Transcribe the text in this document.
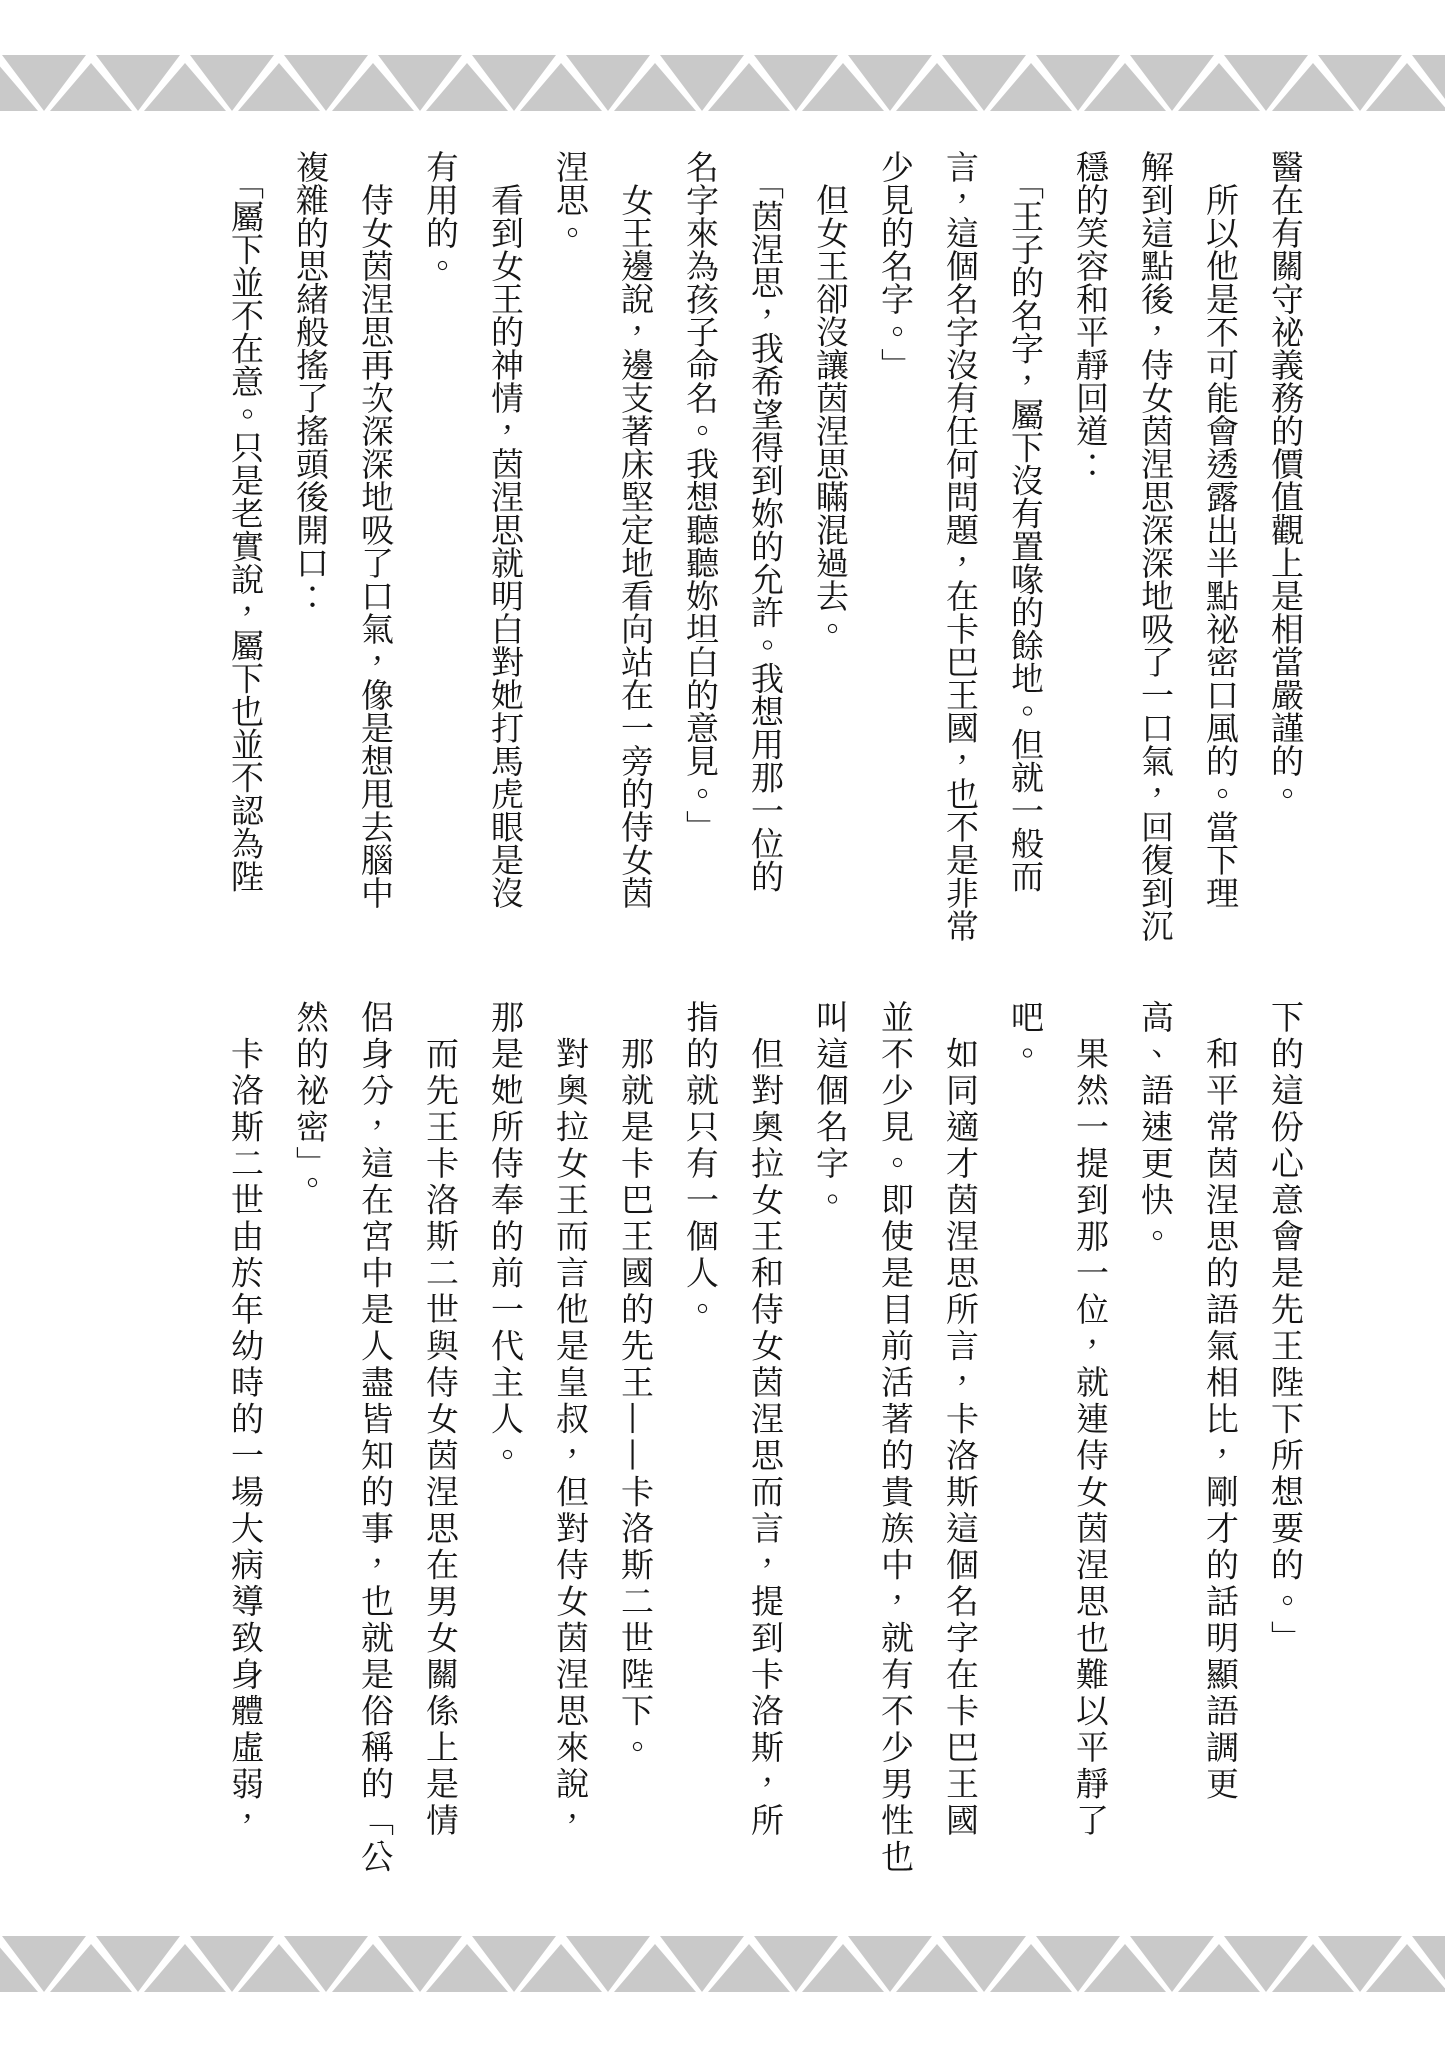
醫在有關守祕義務的價值觀上是相當嚴謹的。
　所以他是不可能會透露出半點祕密口風的。當下理
解到這點後，侍女茵涅思深深地吸了一口氣，回復到沉
穩的笑容和平靜回道：
　「王子的名字，屬下沒有置喙的餘地。但就一般而
言，這個名字沒有任何問題，在卡巴王國，也不是非常
少見的名字。」
　但女王卻沒讓茵涅思瞞混過去。
　「茵涅思，我希望得到妳的允許。我想用那一位的
名字來為孩子命名。我想聽聽妳坦白的意見。」
　女王邊說，邊支著床堅定地看向站在一旁的侍女茵
涅思。
　看到女王的神情，茵涅思就明白對她打馬虎眼是沒
有用的。
　侍女茵涅思再次深深地吸了口氣，像是想甩去腦中
複雜的思緒般搖了搖頭後開口：
　「屬下並不在意。只是老實說，屬下也並不認為陛
下的這份心意會是先王陛下所想要的。」
　和平常茵涅思的語氣相比，剛才的話明顯語調更
高、語速更快。
　果然一提到那一位，就連侍女茵涅思也難以平靜了
吧。
　如同適才茵涅思所言，卡洛斯這個名字在卡巴王國
並不少見。即使是目前活著的貴族中，就有不少男性也
叫這個名字。
　但對奧拉女王和侍女茵涅思而言，提到卡洛斯，所
指的就只有一個人。
　那就是卡巴王國的先王——卡洛斯二世陛下。
　對奧拉女王而言他是皇叔，但對侍女茵涅思來說，
那是她所侍奉的前一代主人。
　而先王卡洛斯二世與侍女茵涅思在男女關係上是情
侶身分，這在宮中是人盡皆知的事，也就是俗稱的「公
然的祕密」。
　卡洛斯二世由於年幼時的一場大病導致身體虛弱，
